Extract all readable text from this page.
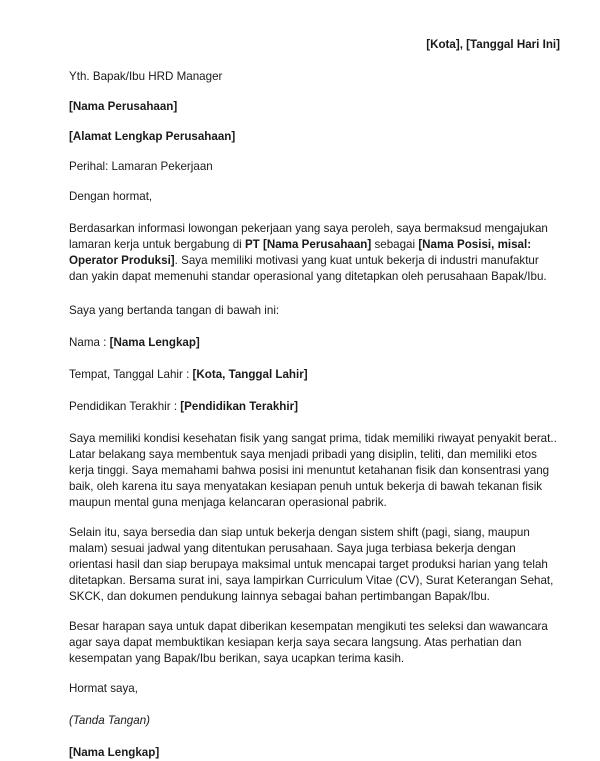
[Kota], [Tanggal Hari Ini]

Yth. Bapak/Ibu HRD Manager

[Nama Perusahaan]

[Alamat Lengkap Perusahaan]

Perihal: Lamaran Pekerjaan

Dengan hormat,

Berdasarkan informasi lowongan pekerjaan yang saya peroleh, saya bermaksud mengajukan lamaran kerja untuk bergabung di PT [Nama Perusahaan] sebagai [Nama Posisi, misal: Operator Produksi]. Saya memiliki motivasi yang kuat untuk bekerja di industri manufaktur dan yakin dapat memenuhi standar operasional yang ditetapkan oleh perusahaan Bapak/Ibu.

Saya yang bertanda tangan di bawah ini:

Nama : [Nama Lengkap]

Tempat, Tanggal Lahir : [Kota, Tanggal Lahir]

Pendidikan Terakhir : [Pendidikan Terakhir]

Saya memiliki kondisi kesehatan fisik yang sangat prima, tidak memiliki riwayat penyakit berat.. Latar belakang saya membentuk saya menjadi pribadi yang disiplin, teliti, dan memiliki etos kerja tinggi. Saya memahami bahwa posisi ini menuntut ketahanan fisik dan konsentrasi yang baik, oleh karena itu saya menyatakan kesiapan penuh untuk bekerja di bawah tekanan fisik maupun mental guna menjaga kelancaran operasional pabrik.

Selain itu, saya bersedia dan siap untuk bekerja dengan sistem shift (pagi, siang, maupun malam) sesuai jadwal yang ditentukan perusahaan. Saya juga terbiasa bekerja dengan orientasi hasil dan siap berupaya maksimal untuk mencapai target produksi harian yang telah ditetapkan. Bersama surat ini, saya lampirkan Curriculum Vitae (CV), Surat Keterangan Sehat, SKCK, dan dokumen pendukung lainnya sebagai bahan pertimbangan Bapak/Ibu.

Besar harapan saya untuk dapat diberikan kesempatan mengikuti tes seleksi dan wawancara agar saya dapat membuktikan kesiapan kerja saya secara langsung. Atas perhatian dan kesempatan yang Bapak/Ibu berikan, saya ucapkan terima kasih.

Hormat saya,

(Tanda Tangan)

[Nama Lengkap]
